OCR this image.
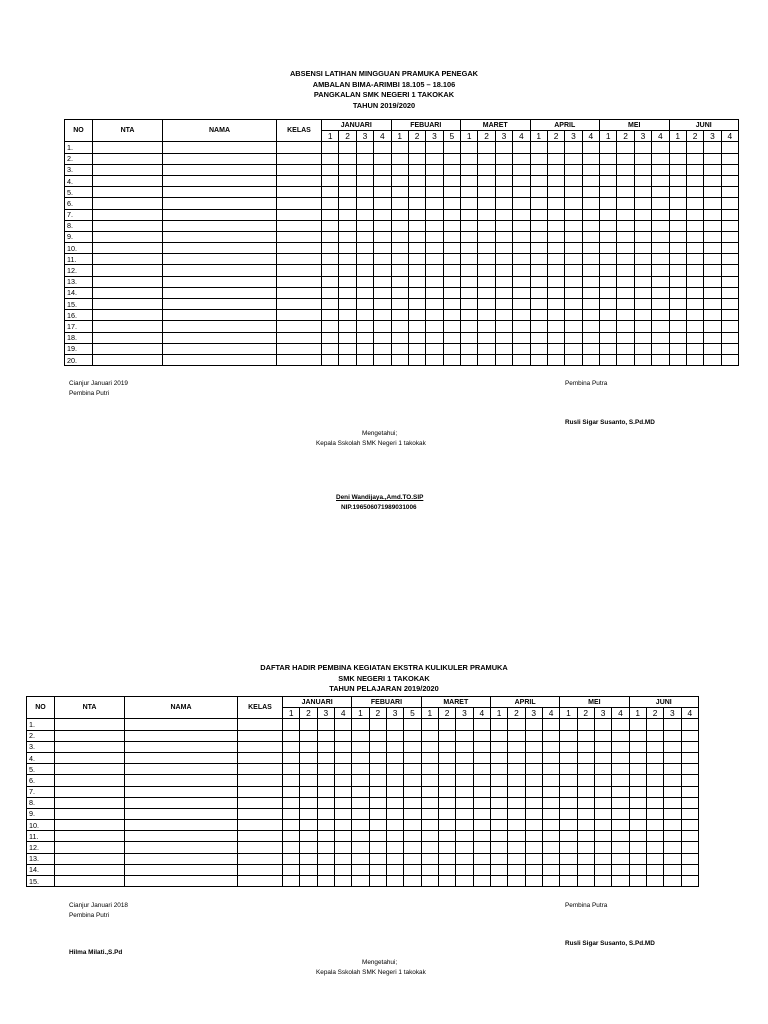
ABSENSI LATIHAN MINGGUAN PRAMUKA PENEGAK
AMBALAN BIMA-ARIMBI 18.105 – 18.106
PANGKALAN SMK NEGERI 1 TAKOKAK
TAHUN 2019/2020
NO	NTA	NAMA	KELAS	JANUARI				FEBUARI				MARET				APRIL				MEI				JUNI			
				1	2	3	4	1	2	3	5	1	2	3	4	1	2	3	4	1	2	3	4	1	2	3	4
1.																											
2.																											
3.																											
4.																											
5.																											
6.																											
7.																											
8.																											
9.																											
10.																											
11.																											
12.																											
13.																											
14.																											
15.																											
16.																											
17.																											
18.																											
19.																											
20.																											
Cianjur Januari 2019
Pembina Putri
Pembina Putra
Rusli Sigar Susanto, S.Pd.MD
Mengetahui;
Kepala Sskolah SMK Negeri 1 takokak
Deni Wandijaya.,Amd.TO.SIP
NIP.196506071989031006
DAFTAR HADIR PEMBINA KEGIATAN EKSTRA KULIKULER PRAMUKA
SMK NEGERI 1 TAKOKAK
TAHUN PELAJARAN 2019/2020
NO	NTA	NAMA	KELAS	JANUARI				FEBUARI				MARET				APRIL				MEI				JUNI			
				1	2	3	4	1	2	3	5	1	2	3	4	1	2	3	4	1	2	3	4	1	2	3	4
1.																											
2.																											
3.																											
4.																											
5.																											
6.																											
7.																											
8.																											
9.																											
10.																											
11.																											
12.																											
13.																											
14.																											
15.																											
Cianjur Januari 2018
Pembina Putri
Hilma Milati.,S.Pd
Pembina Putra
Rusli Sigar Susanto, S.Pd.MD
Mengetahui;
Kepala Sskolah SMK Negeri 1 takokak
